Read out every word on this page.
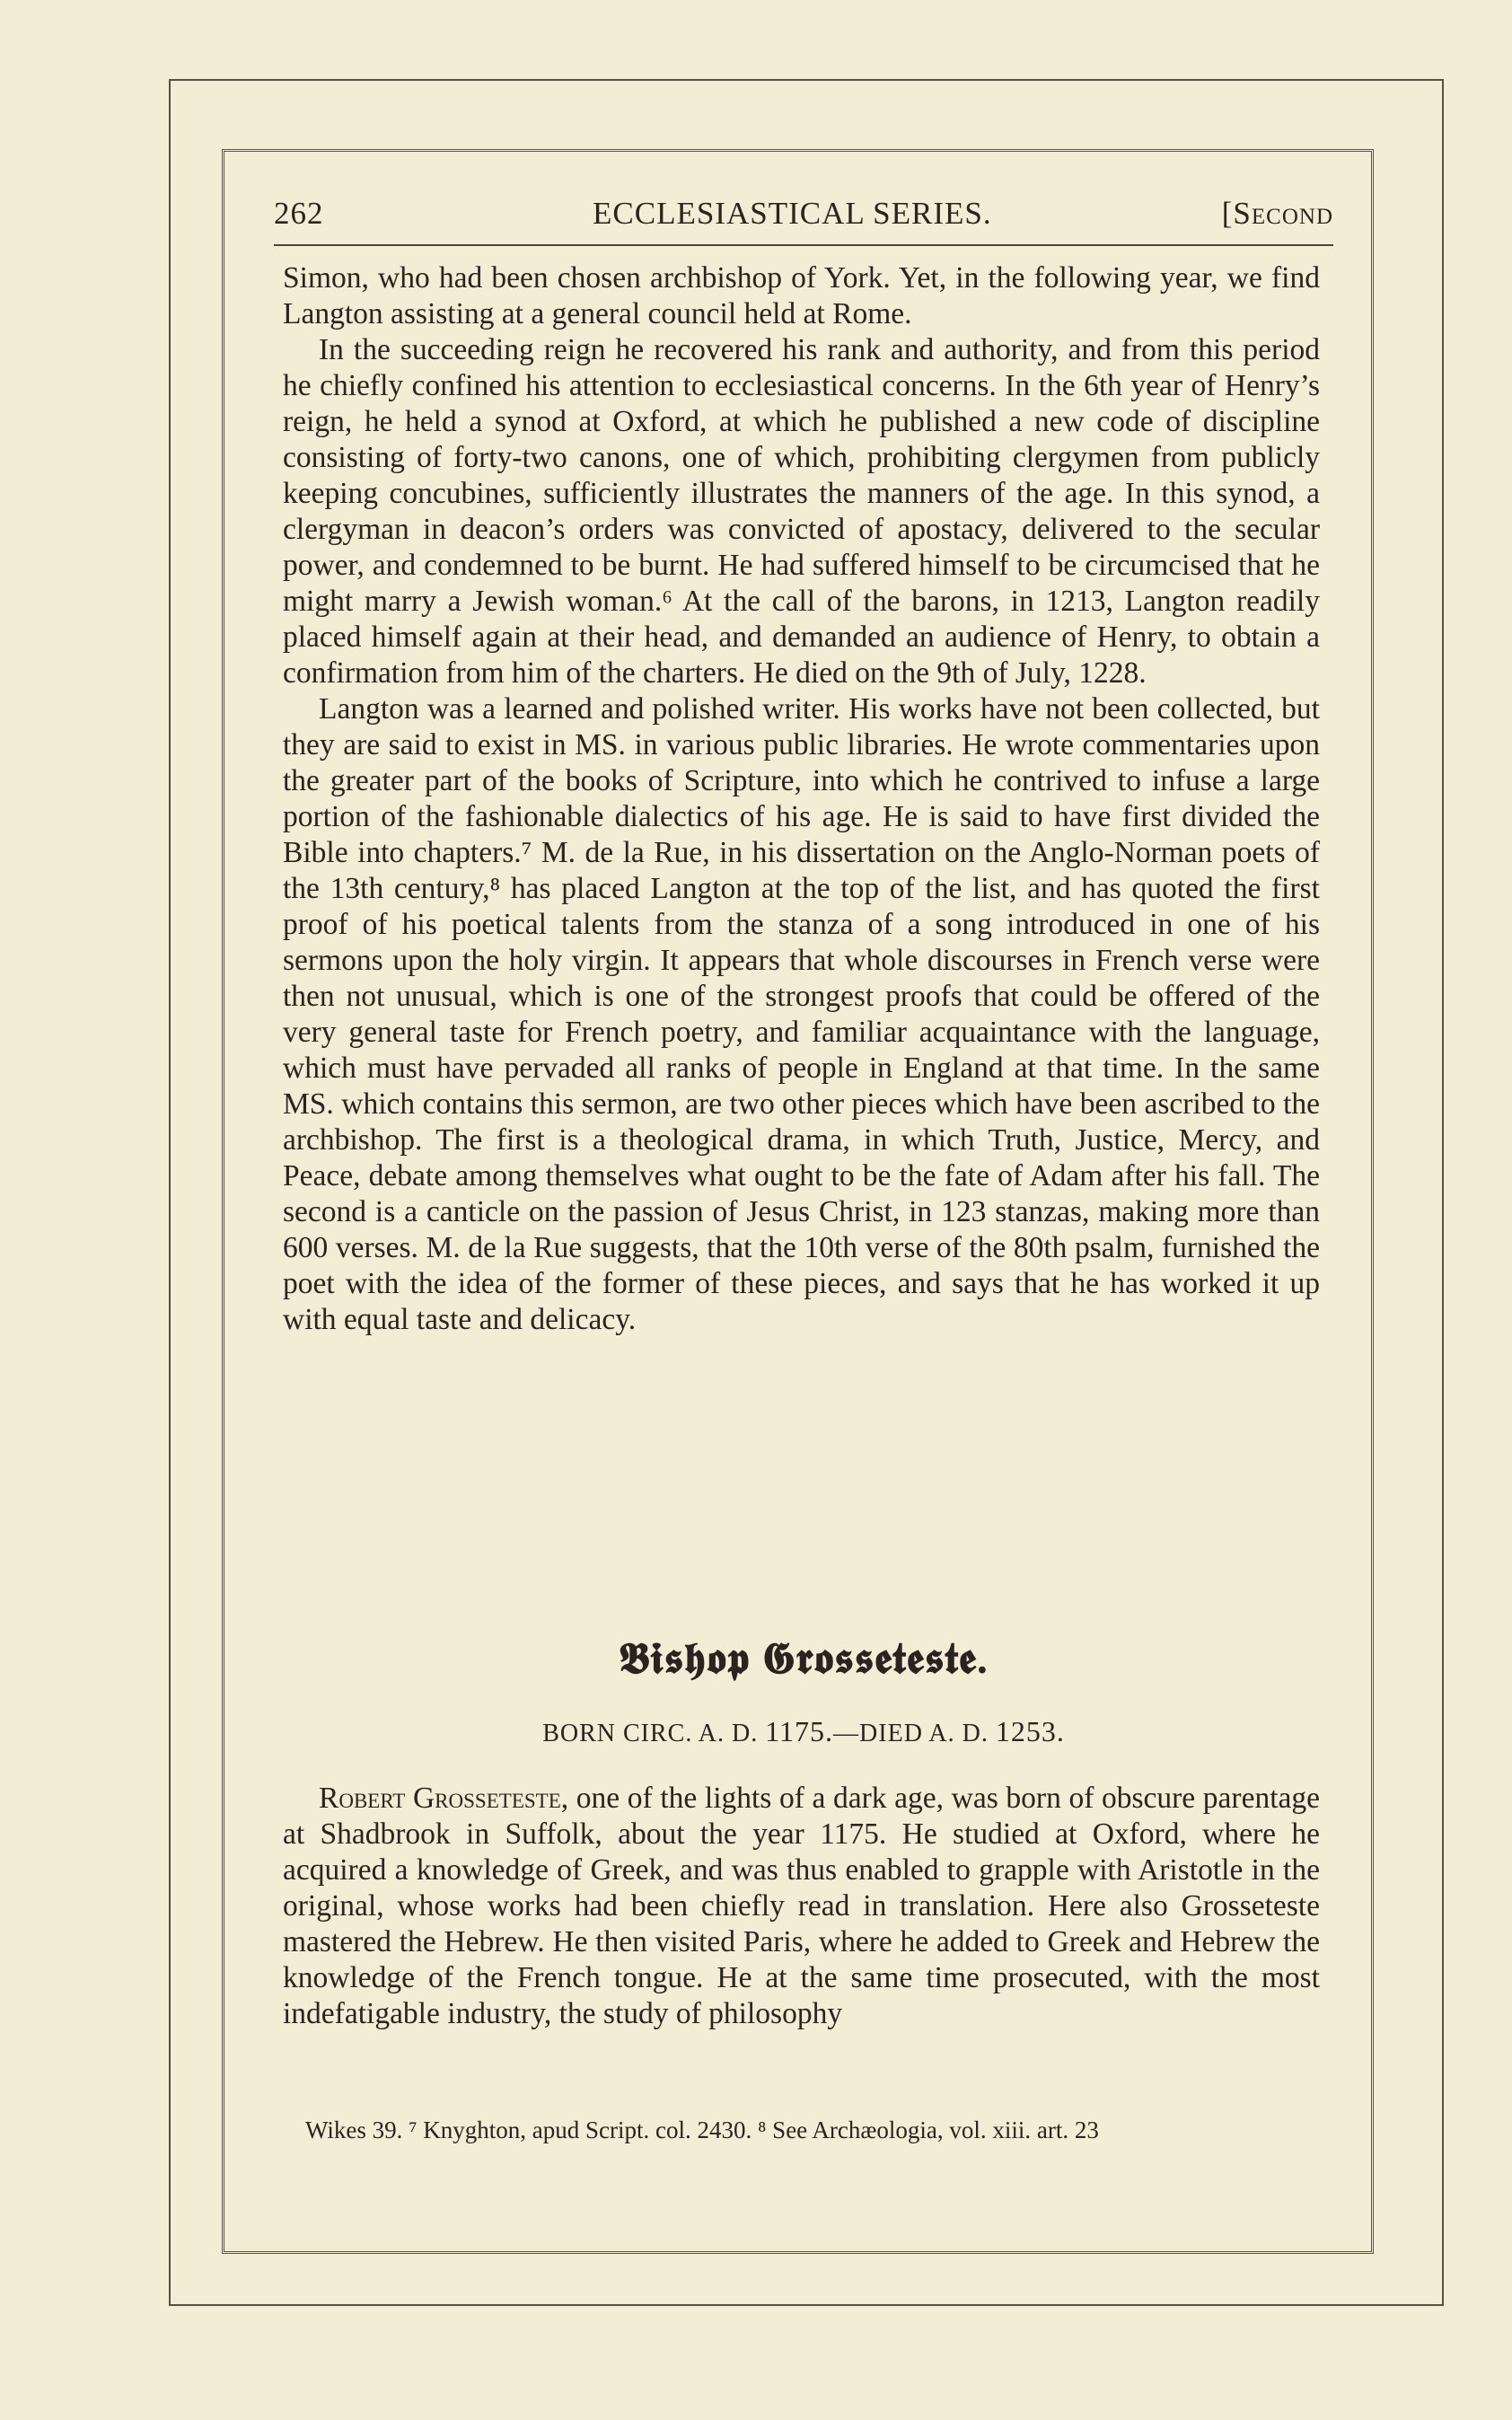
262	ECCLESIASTICAL SERIES.	[Second

Simon, who had been chosen archbishop of York. Yet, in the following year, we find Langton assisting at a general council held at Rome.

In the succeeding reign he recovered his rank and authority, and from this period he chiefly confined his attention to ecclesiastical concerns. In the 6th year of Henry’s reign, he held a synod at Oxford, at which he published a new code of discipline consisting of forty-two canons, one of which, prohibiting clergymen from publicly keeping concubines, sufficiently illustrates the manners of the age. In this synod, a clergyman in deacon’s orders was convicted of apostacy, delivered to the secular power, and condemned to be burnt. He had suffered himself to be circumcised that he might marry a Jewish woman.⁶ At the call of the barons, in 1213, Langton readily placed himself again at their head, and demanded an audience of Henry, to obtain a confirmation from him of the charters. He died on the 9th of July, 1228.

Langton was a learned and polished writer. His works have not been collected, but they are said to exist in MS. in various public libraries. He wrote commentaries upon the greater part of the books of Scripture, into which he contrived to infuse a large portion of the fashionable dialectics of his age. He is said to have first divided the Bible into chapters.⁷ M. de la Rue, in his dissertation on the Anglo-Norman poets of the 13th century,⁸ has placed Langton at the top of the list, and has quoted the first proof of his poetical talents from the stanza of a song introduced in one of his sermons upon the holy virgin. It appears that whole discourses in French verse were then not unusual, which is one of the strongest proofs that could be offered of the very general taste for French poetry, and familiar acquaintance with the language, which must have pervaded all ranks of people in England at that time. In the same MS. which contains this sermon, are two other pieces which have been ascribed to the archbishop. The first is a theological drama, in which Truth, Justice, Mercy, and Peace, debate among themselves what ought to be the fate of Adam after his fall. The second is a canticle on the passion of Jesus Christ, in 123 stanzas, making more than 600 verses. M. de la Rue suggests, that the 10th verse of the 80th psalm, furnished the poet with the idea of the former of these pieces, and says that he has worked it up with equal taste and delicacy.

𝕭𝖎𝖘𝖍𝖔𝖕 𝕲𝖗𝖔𝖘𝖘𝖊𝖙𝖊𝖘𝖙𝖊.
BORN CIRC. A. D. 1175.—DIED A. D. 1253.

Robert Grosseteste, one of the lights of a dark age, was born of obscure parentage at Shadbrook in Suffolk, about the year 1175. He studied at Oxford, where he acquired a knowledge of Greek, and was thus enabled to grapple with Aristotle in the original, whose works had been chiefly read in translation. Here also Grosseteste mastered the Hebrew. He then visited Paris, where he added to Greek and Hebrew the knowledge of the French tongue. He at the same time prosecuted, with the most indefatigable industry, the study of philosophy

Wikes 39. ⁷ Knyghton, apud Script. col. 2430. ⁸ See Archæologia, vol. xiii. art. 23
